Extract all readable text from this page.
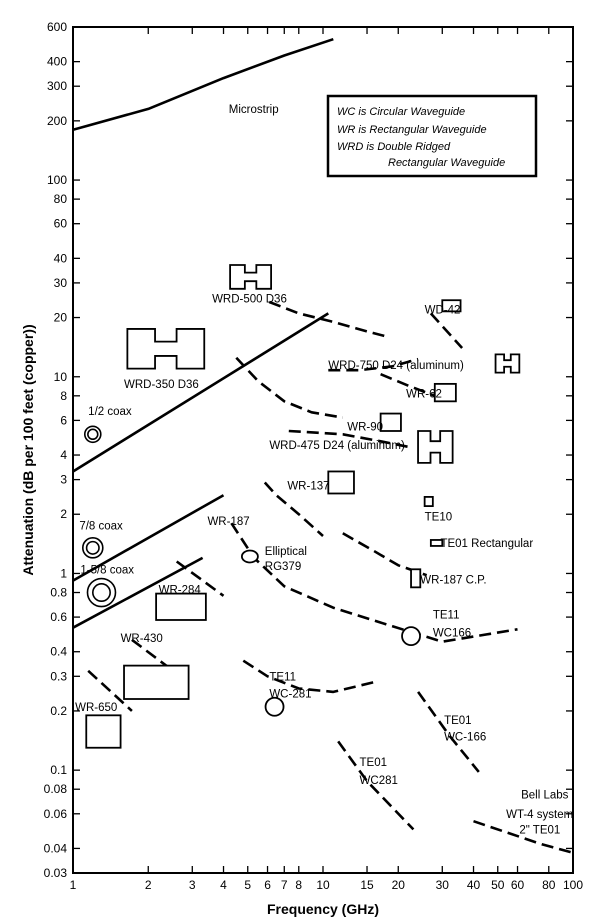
1	2	3 4 5 6 7 8 10	15 20	30 40 50 60 80 100
0.03
0.04
0.06
0.08
0.1
0.2
0.3
0.4
0.6
0.8
1
2
3
4
6
8
10
20
30
40
60
80
100
200
300
400
600
Microstrip
WRD-500 D36
WD-42
WRD-350 D36
WRD-750 D24 (aluminum)
1/2 coax
WR-62
WR-90
WRD-475 D24 (aluminum)
WR-137
7/8 coax	WR-187
Elliptical
RG379
1-5/8 coax
WR-187 C.P.
WR-284
TE11
WC166
WR-430
TE11
WC-281
WR-650
TE01
WC-166
TE01
WC281
TE10
TE01 Rectangular
Bell Labs
WT-4 system
2" TE01
WC is Circular Waveguide
WR is Rectangular Waveguide
WRD is Double Ridged
Rectangular Waveguide
Frequency (GHz)
Attenuation (dB per 100 feet (copper))
